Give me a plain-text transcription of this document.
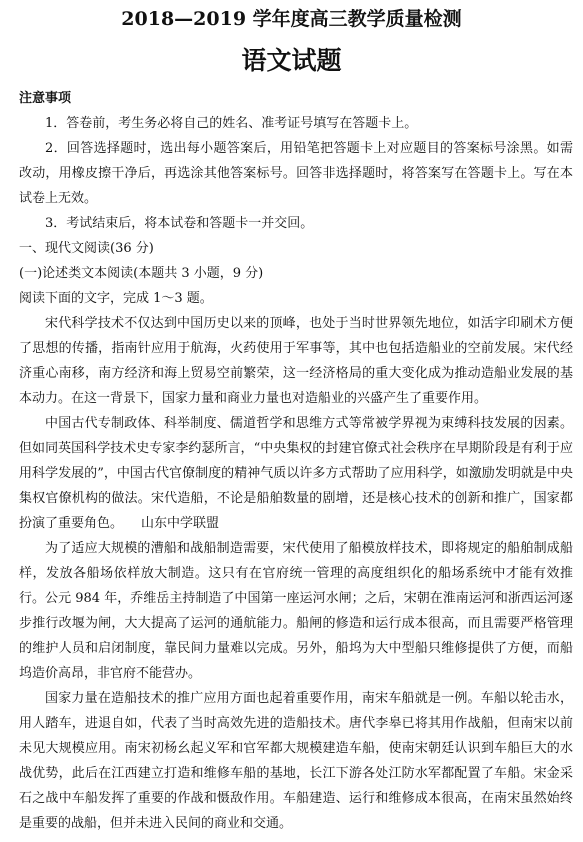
2018—2019 学年度高三教学质量检测
语文试题
注意事项
1．答卷前，考生务必将自己的姓名、准考证号填写在答题卡上。
2．回答选择题时，选出每小题答案后，用铅笔把答题卡上对应题目的答案标号涂黑。如需改动，用橡皮擦干净后，再选涂其他答案标号。回答非选择题时，将答案写在答题卡上。写在本试卷上无效。
3．考试结束后，将本试卷和答题卡一并交回。
一、现代文阅读(36 分)
(一)论述类文本阅读(本题共 3 小题，9 分)
阅读下面的文字，完成 1～3 题。
宋代科学技术不仅达到中国历史以来的顶峰，也处于当时世界领先地位，如活字印刷术方便了思想的传播，指南针应用于航海，火药使用于军事等，其中也包括造船业的空前发展。宋代经济重心南移，南方经济和海上贸易空前繁荣，这一经济格局的重大变化成为推动造船业发展的基本动力。在这一背景下，国家力量和商业力量也对造船业的兴盛产生了重要作用。
中国古代专制政体、科举制度、儒道哲学和思维方式等常被学界视为束缚科技发展的因素。但如同英国科学技术史专家李约瑟所言，“中央集权的封建官僚式社会秩序在早期阶段是有利于应用科学发展的”，中国古代官僚制度的精神气质以许多方式帮助了应用科学，如激励发明就是中央集权官僚机构的做法。宋代造船，不论是船舶数量的剧增，还是核心技术的创新和推广，国家都扮演了重要角色。 山东中学联盟
为了适应大规模的漕船和战船制造需要，宋代使用了船模放样技术，即将规定的船舶制成船样，发放各船场依样放大制造。这只有在官府统一管理的高度组织化的船场系统中才能有效推行。公元 984 年，乔维岳主持制造了中国第一座运河水闸；之后，宋朝在淮南运河和浙西运河逐步推行改堰为闸，大大提高了运河的通航能力。船闸的修造和运行成本很高，而且需要严格管理的维护人员和启闭制度，靠民间力量难以完成。另外，船坞为大中型船只维修提供了方便，而船坞造价高昂，非官府不能营办。
国家力量在造船技术的推广应用方面也起着重要作用，南宋车船就是一例。车船以轮击水，用人踏车，进退自如，代表了当时高效先进的造船技术。唐代李皋已将其用作战船，但南宋以前未见大规模应用。南宋初杨幺起义军和官军都大规模建造车船，使南宋朝廷认识到车船巨大的水战优势，此后在江西建立打造和维修车船的基地，长江下游各处江防水军都配置了车船。宋金采石之战中车船发挥了重要的作战和慑敌作用。车船建造、运行和维修成本很高，在南宋虽然始终是重要的战船，但并未进入民间的商业和交通。
